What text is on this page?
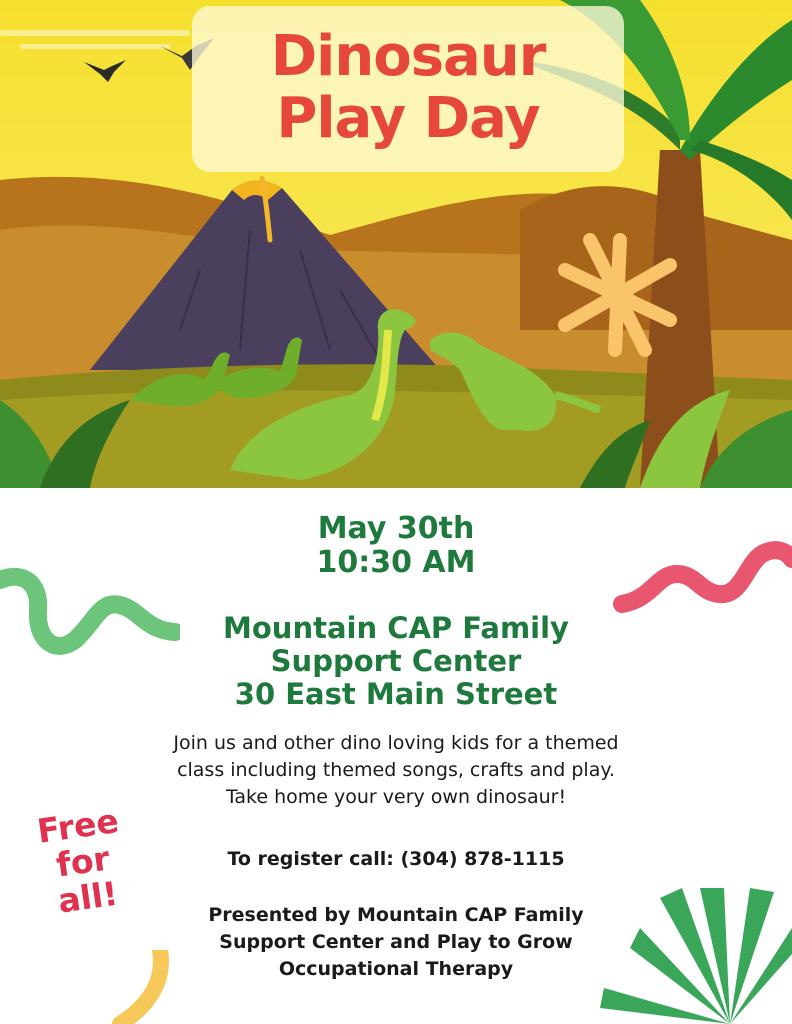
Dinosaur
Play Day
May 30th
10:30 AM
Mountain CAP Family
Support Center
30 East Main Street
Join us and other dino loving kids for a themed
class including themed songs, crafts and play.
Take home your very own dinosaur!
To register call: (304) 878-1115
Presented by Mountain CAP Family
Support Center and Play to Grow
Occupational Therapy
Free
for
all!
